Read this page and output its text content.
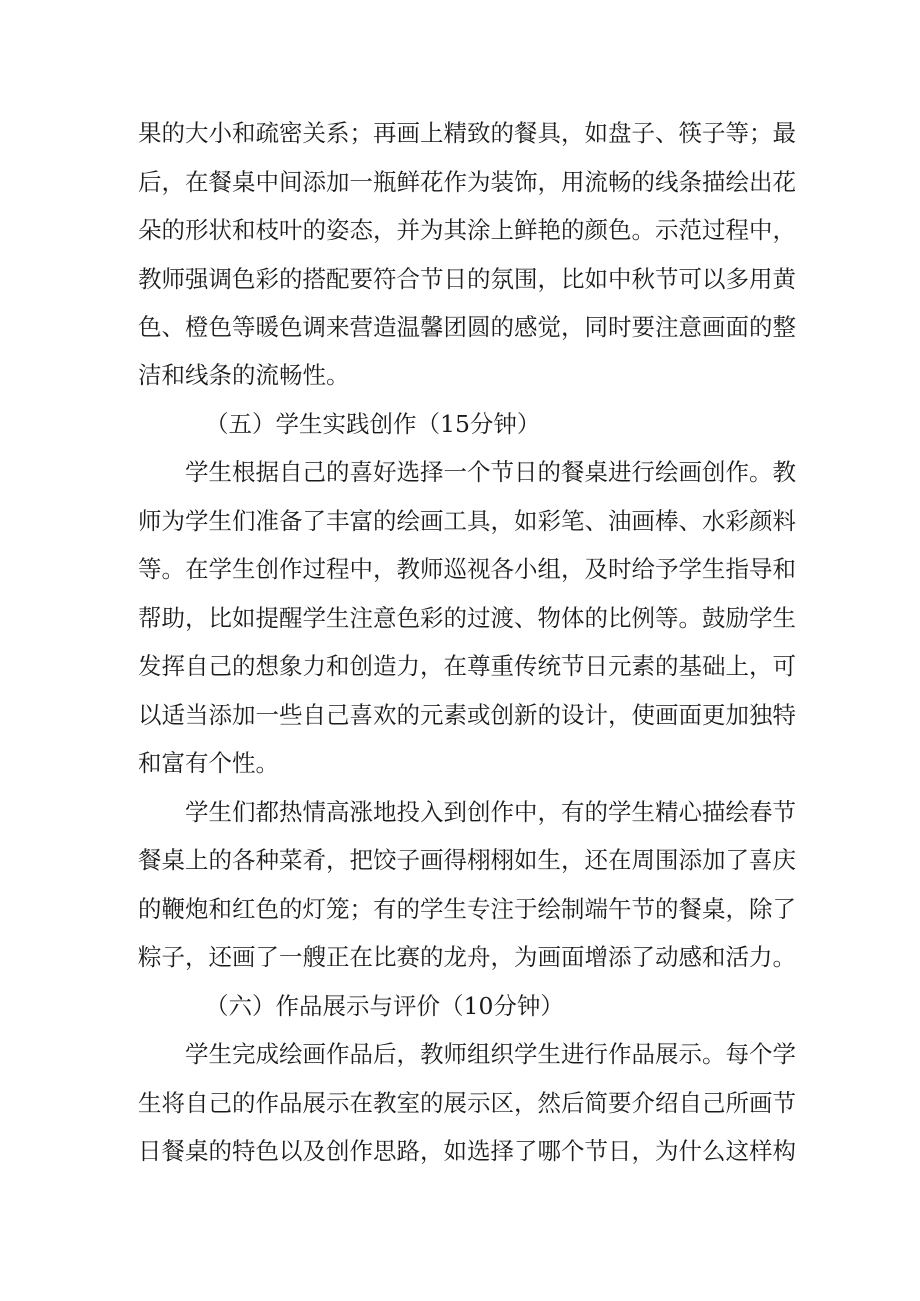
果的大小和疏密关系；再画上精致的餐具，如盘子、筷子等；最
后，在餐桌中间添加一瓶鲜花作为装饰，用流畅的线条描绘出花
朵的形状和枝叶的姿态，并为其涂上鲜艳的颜色。示范过程中，
教师强调色彩的搭配要符合节日的氛围，比如中秋节可以多用黄
色、橙色等暖色调来营造温馨团圆的感觉，同时要注意画面的整
洁和线条的流畅性。
（五）学生实践创作（15分钟）
学生根据自己的喜好选择一个节日的餐桌进行绘画创作。教
师为学生们准备了丰富的绘画工具，如彩笔、油画棒、水彩颜料
等。在学生创作过程中，教师巡视各小组，及时给予学生指导和
帮助，比如提醒学生注意色彩的过渡、物体的比例等。鼓励学生
发挥自己的想象力和创造力，在尊重传统节日元素的基础上，可
以适当添加一些自己喜欢的元素或创新的设计，使画面更加独特
和富有个性。
学生们都热情高涨地投入到创作中，有的学生精心描绘春节
餐桌上的各种菜肴，把饺子画得栩栩如生，还在周围添加了喜庆
的鞭炮和红色的灯笼；有的学生专注于绘制端午节的餐桌，除了
粽子，还画了一艘正在比赛的龙舟，为画面增添了动感和活力。
（六）作品展示与评价（10分钟）
学生完成绘画作品后，教师组织学生进行作品展示。每个学
生将自己的作品展示在教室的展示区，然后简要介绍自己所画节
日餐桌的特色以及创作思路，如选择了哪个节日，为什么这样构
